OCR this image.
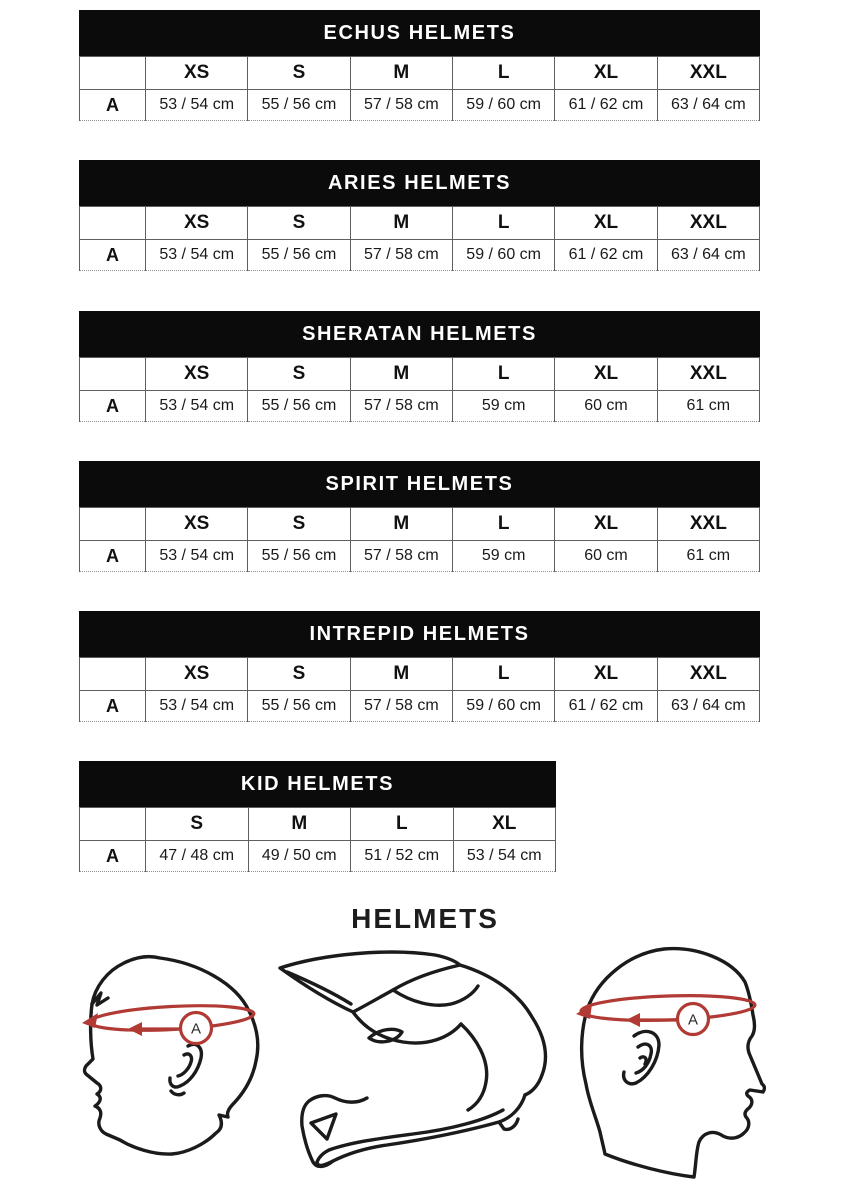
ECHUS HELMETS
	XS	S	M	L	XL	XXL
A	53 / 54 cm	55 / 56 cm	57 / 58 cm	59 / 60 cm	61 / 62 cm	63 / 64 cm
ARIES HELMETS
	XS	S	M	L	XL	XXL
A	53 / 54 cm	55 / 56 cm	57 / 58 cm	59 / 60 cm	61 / 62 cm	63 / 64 cm
SHERATAN HELMETS
	XS	S	M	L	XL	XXL
A	53 / 54 cm	55 / 56 cm	57 / 58 cm	59 cm	60 cm	61 cm
SPIRIT HELMETS
	XS	S	M	L	XL	XXL
A	53 / 54 cm	55 / 56 cm	57 / 58 cm	59 cm	60 cm	61 cm
INTREPID HELMETS
	XS	S	M	L	XL	XXL
A	53 / 54 cm	55 / 56 cm	57 / 58 cm	59 / 60 cm	61 / 62 cm	63 / 64 cm
KID HELMETS
	S	M	L	XL
A	47 / 48 cm	49 / 50 cm	51 / 52 cm	53 / 54 cm
HELMETS
A
A
